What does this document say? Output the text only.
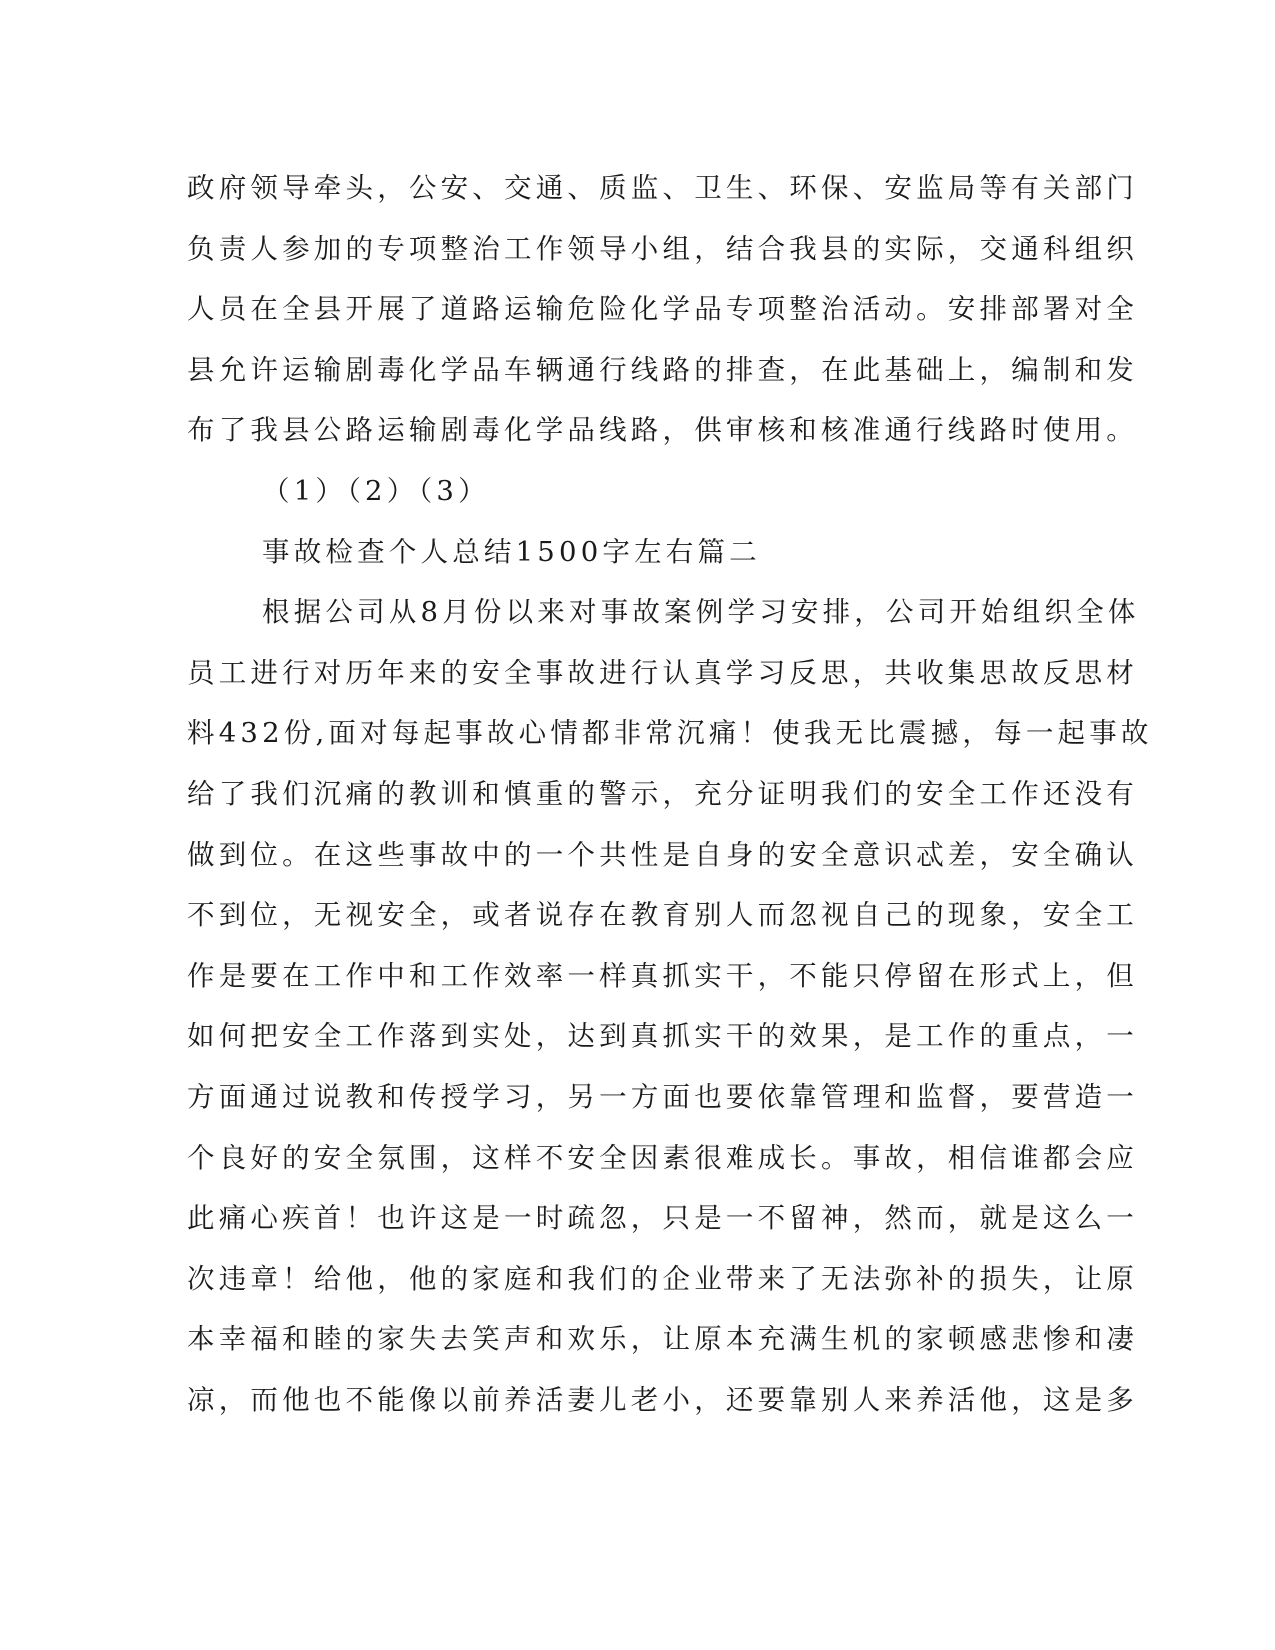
政府领导牵头，公安、交通、质监、卫生、环保、安监局等有关部门
负责人参加的专项整治工作领导小组，结合我县的实际，交通科组织
人员在全县开展了道路运输危险化学品专项整治活动。安排部署对全
县允许运输剧毒化学品车辆通行线路的排查，在此基础上，编制和发
布了我县公路运输剧毒化学品线路，供审核和核准通行线路时使用。
（1）（2）（3）
事故检查个人总结1500字左右篇二
根据公司从8月份以来对事故案例学习安排，公司开始组织全体
员工进行对历年来的安全事故进行认真学习反思，共收集思故反思材
料432份,面对每起事故心情都非常沉痛！使我无比震撼，每一起事故
给了我们沉痛的教训和慎重的警示，充分证明我们的安全工作还没有
做到位。在这些事故中的一个共性是自身的安全意识忒差，安全确认
不到位，无视安全，或者说存在教育别人而忽视自己的现象，安全工
作是要在工作中和工作效率一样真抓实干，不能只停留在形式上，但
如何把安全工作落到实处，达到真抓实干的效果，是工作的重点，一
方面通过说教和传授学习，另一方面也要依靠管理和监督，要营造一
个良好的安全氛围，这样不安全因素很难成长。事故，相信谁都会应
此痛心疾首！也许这是一时疏忽，只是一不留神，然而，就是这么一
次违章！给他，他的家庭和我们的企业带来了无法弥补的损失，让原
本幸福和睦的家失去笑声和欢乐，让原本充满生机的家顿感悲惨和凄
凉，而他也不能像以前养活妻儿老小，还要靠别人来养活他，这是多
